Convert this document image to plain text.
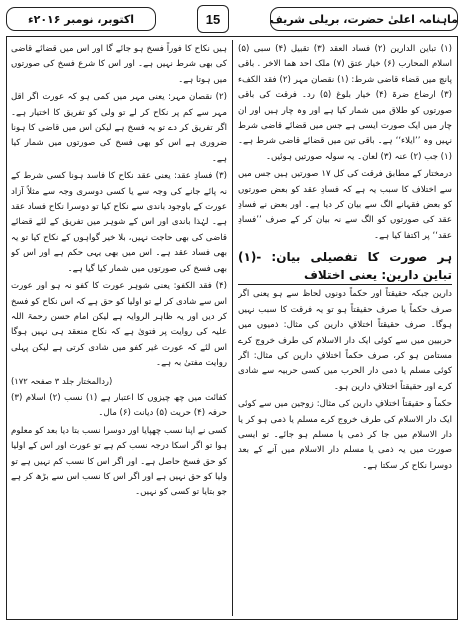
ماہنامہ اعلیٰ حضرت، بریلی شریف
15
اکتوبر، نومبر ۲۰۱۶ء

(۱) تباین الدارین (۲) فساد العقد (۳) تقبیل (۴) سبی (۵) اسلام المحارب (۶) خیار عتق (۷) ملک احد ھما الاخر . باقی پانچ میں قضاء قاضی شرط: (۱) نقصان مہر (۲) فقد الکفء (۳) ارضاع ضرۃ (۴) خیار بلوغ (۵) رد۔ فرقت کی باقی صورتوں کو طلاق میں شمار کیا ہے اور وہ چار ہیں اور ان چار میں ایک صورت ایسی ہے جس میں قضائے قاضی شرط نہیں وہ ’’ایلاء‘‘ ہے۔ باقی تین میں قضائے قاضی شرط ہے۔ (۱) جب (۲) عنہ (۳) لعان۔ یہ سولہ صورتیں ہوئیں۔

درمختار کے مطابق فرقت کی کل ۱۷ صورتیں ہیں جس میں سے اختلاف کا سبب یہ ہے کہ فسادِ عقد کو بعض صورتوں کو بعض فقہانے الگ سے بیان کر دیا ہے۔ اور بعض نے فسادِ عقد کی صورتوں کو الگ سے نہ بیان کر کے صرف ’’فسادِ عقد‘‘ پر اکتفا کیا ہے۔

ہر صورت کا تفصیلی بیان: -(۱) تباین دارین: یعنی اختلاف

دارین جبکہ حقیقتاً اور حکماً دونوں لحاظ سے ہو یعنی اگر صرف حکماً یا صرف حقیقتاً ہو تو یہ فرقت کا سبب نہیں ہوگا۔ صرف حقیقتاً اختلافِ دارین کی مثال: ذمیوں میں حربیین میں سے کوئی ایک دار الاسلام کی طرف خروج کرے مستامن ہو کر، صرف حکماً اختلافِ دارین کی مثال: اگر کوئی مسلم یا ذمی دار الحرب میں کسی حربیہ سے شادی کرے اور حقیقتاً اختلافِ دارین ہو۔

حکماً و حقیقتاً اختلافِ دارین کی مثال: زوجین میں سے کوئی ایک دار الاسلام کی طرف خروج کرے مسلم یا ذمی ہو کر یا دار الاسلام میں جا کر ذمی یا مسلم ہو جائے۔ تو ایسی صورت میں یہ ذمی یا مسلم دار الاسلام میں آنے کے بعد دوسرا نکاح کر سکتا ہے۔

ہیں نکاح کا فوراً فسخ ہو جائے گا اور اس میں قضائے قاضی کی بھی شرط نہیں ہے۔ اور اس کا شرع فسخ کی صورتوں میں ہوتا ہے۔

(۲) نقصان مہر: یعنی مہر میں کمی ہو کہ عورت اگر اقل مہر سے کم پر نکاح کر لے تو ولی کو تفریق کا اختیار ہے۔ اگر تفریق کر دے تو یہ فسخ ہے لیکن اس میں قاضی کا ہونا ضروری ہے اس کو بھی فسخ کی صورتوں میں شمار کیا ہے۔

(۳) فسادِ عقد: یعنی عقد نکاح کا فاسد ہونا کسی شرط کے نہ پائے جانے کی وجہ سے یا کسی دوسری وجہ سے مثلاً آزاد عورت کے باوجود باندی سے نکاح کیا تو دوسرا نکاح فساد عقد ہے۔ لہٰذا باندی اور اس کے شوہر میں تفریق کے لئے قضائے قاضی کی بھی حاجت نہیں، بلا خیر گواہوں کے نکاح کیا تو یہ بھی فساد عقد ہے۔ اس میں بھی یہی حکم ہے اور اس کو بھی فسخ کی صورتوں میں شمار کیا گیا ہے۔

(۴) فقد الکفو: یعنی شوہر عورت کا کفو نہ ہو اور عورت اس سے شادی کر لے تو اولیا کو حق ہے کہ اس نکاح کو فسخ کر دیں اور یہ ظاہر الروایہ ہے لیکن امام حسن رحمۃ اللہ علیہ کی روایت پر فتویٰ ہے کہ نکاح منعقد ہی نہیں ہوگا اس لئے کہ عورت غیر کفو میں شادی کرتی ہے لیکن پہلی روایت مفتیٰ بہ ہے۔

(ردالمختار جلد ۳ صفحہ ۱۷۲)

کفائت میں چھ چیزوں کا اعتبار ہے (۱) نسب (۲) اسلام (۳) حرفہ (۴) حریت (۵) دیانت (۶) مال۔

کسی نے اپنا نسب چھپایا اور دوسرا نسب بتا دیا بعد کو معلوم ہوا تو اگر اسکا درجہ نسب کم ہے تو عورت اور اس کے اولیا کو حق فسخ حاصل ہے۔ اور اگر اس کا نسب کم نہیں ہے تو ولیا کو حق نہیں ہے اور اگر اس کا نسب اس سے بڑھ کر ہے جو بتایا تو کسی کو نہیں۔
